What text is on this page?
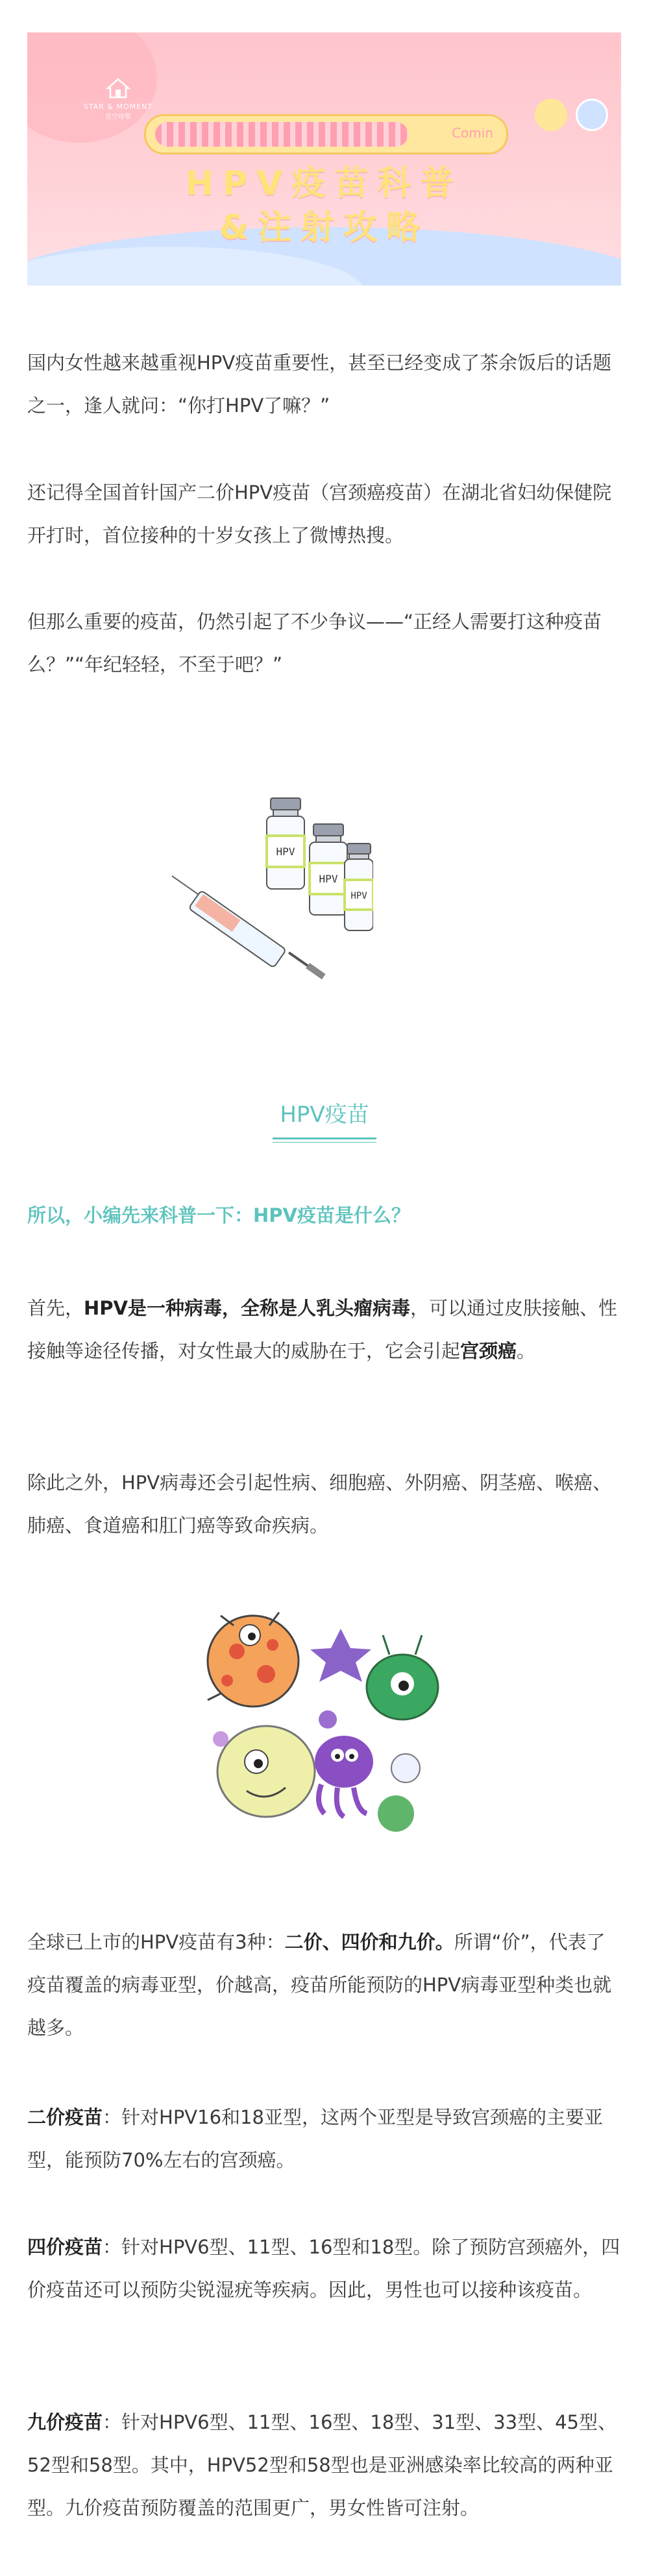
STAR & MOMENT
星空母婴
Comin
HPV疫苗科普
&注射攻略
国内女性越来越重视HPV疫苗重要性，甚至已经变成了茶余饭后的话题之一，逢人就问：“你打HPV了嘛？”
还记得全国首针国产二价HPV疫苗（宫颈癌疫苗）在湖北省妇幼保健院开打时，首位接种的十岁女孩上了微博热搜。
但那么重要的疫苗，仍然引起了不少争议——“正经人需要打这种疫苗么？”“年纪轻轻，不至于吧？”
HPV
HPV
HPV
HPV疫苗
所以，小编先来科普一下：HPV疫苗是什么？
首先，HPV是一种病毒，全称是人乳头瘤病毒，可以通过皮肤接触、性接触等途径传播，对女性最大的威胁在于，它会引起宫颈癌。
除此之外，HPV病毒还会引起性病、细胞癌、外阴癌、阴茎癌、喉癌、肺癌、食道癌和肛门癌等致命疾病。
全球已上市的HPV疫苗有3种：二价、四价和九价。所谓“价”，代表了疫苗覆盖的病毒亚型，价越高，疫苗所能预防的HPV病毒亚型种类也就越多。
二价疫苗：针对HPV16和18亚型，这两个亚型是导致宫颈癌的主要亚型，能预防70%左右的宫颈癌。
四价疫苗：针对HPV6型、11型、16型和18型。除了预防宫颈癌外，四价疫苗还可以预防尖锐湿疣等疾病。因此，男性也可以接种该疫苗。
九价疫苗：针对HPV6型、11型、16型、18型、31型、33型、45型、52型和58型。其中，HPV52型和58型也是亚洲感染率比较高的两种亚型。九价疫苗预防覆盖的范围更广，男女性皆可注射。
